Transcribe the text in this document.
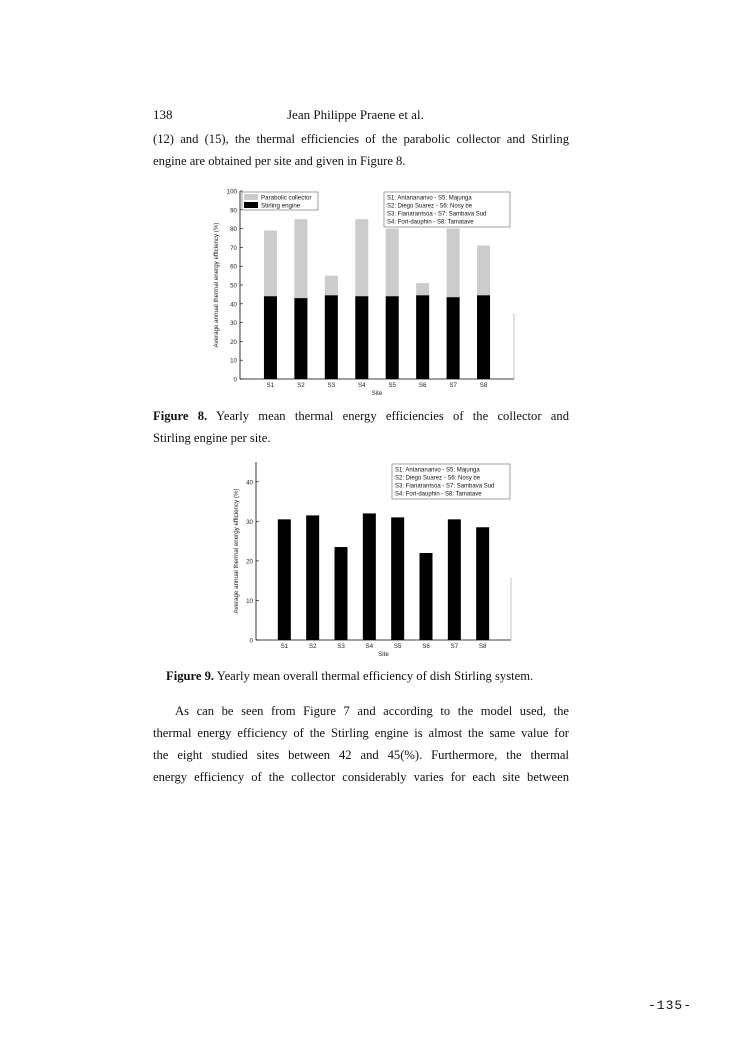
138	Jean Philippe Praene et al.
(12) and (15), the thermal efficiencies of the parabolic collector and Stirling
engine are obtained per site and given in Figure 8.
0
10
20
30
40
50
60
70
80
90
100
S1	S2	S3	S4	S5	S6	S7	S8
Site
Average annual thermal energy efficiency (%)
Parabolic collector
Stirling engine
S1: Antananarivo - S5: Majunga
S2: Diego Suarez - S6: Nosy be
S3: Fianarantsoa - S7: Sambava Sud
S4: Fort-dauphin - S8: Tamatave
Figure 8. Yearly mean thermal energy efficiencies of the collector and
Stirling engine per site.
0
10
20
30
40
S1	S2	S3	S4	S5	S6	S7	S8
Site
Average annual thermal energy efficiency (%)
S1: Antananarivo - S5: Majunga
S2: Diego Suarez - S6: Nosy be
S3: Fianarantsoa - S7: Sambava Sud
S4: Fort-dauphin - S8: Tamatave
Figure 9. Yearly mean overall thermal efficiency of dish Stirling system.
As can be seen from Figure 7 and according to the model used, the
thermal energy efficiency of the Stirling engine is almost the same value for
the eight studied sites between 42 and 45(%). Furthermore, the thermal
energy efficiency of the collector considerably varies for each site between
-135-
